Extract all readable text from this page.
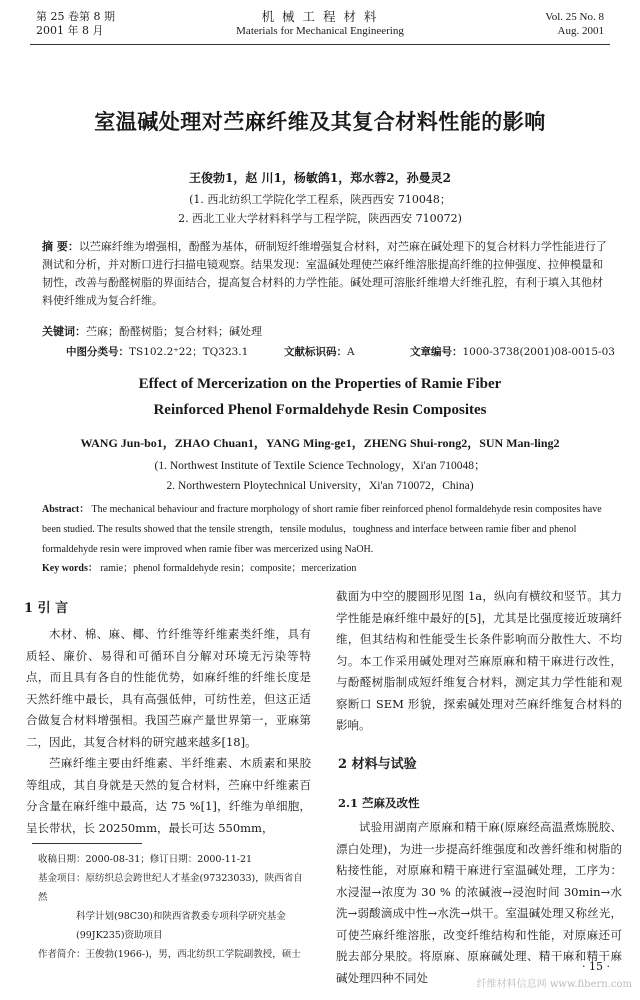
第 25 卷第 8 期
2001 年 8 月
机 械 工 程 材 料
Materials for Mechanical Engineering
Vol. 25 No. 8
Aug. 2001
室温碱处理对苎麻纤维及其复合材料性能的影响
王俊勃1，赵 川1，杨敏鸽1，郑水蓉2，孙曼灵2
(1. 西北纺织工学院化学工程系，陕西西安 710048；
2. 西北工业大学材料科学与工程学院，陕西西安 710072)
摘 要：以苎麻纤维为增强相，酚醛为基体，研制短纤维增强复合材料，对苎麻在碱处理下的复合材料力学性能进行了测试和分析，并对断口进行扫描电镜观察。结果发现：室温碱处理使苎麻纤维溶胀提高纤维的拉伸强度、拉伸模量和韧性，改善与酚醛树脂的界面结合，提高复合材料的力学性能。碱处理可溶胀纤维增大纤维孔腔，有利于填入其他材料使纤维成为复合纤维。
关键词：苎麻；酚醛树脂；复合材料；碱处理
中图分类号：TS102.2⁺22；TQ323.1	文献标识码：A	文章编号：1000-3738(2001)08-0015-03
Effect of Mercerization on the Properties of Ramie Fiber
Reinforced Phenol Formaldehyde Resin Composites
WANG Jun-bo1，ZHAO Chuan1，YANG Ming-ge1，ZHENG Shui-rong2，SUN Man-ling2
(1. Northwest Institute of Textile Science Technology，Xi'an 710048；
2. Northwestern Ploytechnical University，Xi'an 710072，China)
Abstract： The mechanical behaviour and fracture morphology of short ramie fiber reinforced phenol formaldehyde resin composites have been studied. The results showed that the tensile strength，tensile modulus，toughness and interface between ramie fiber and phenol formaldehyde resin were improved when ramie fiber was mercerized using NaOH.
Key words： ramie；phenol formaldehyde resin；composite；mercerization
1 引 言

木材、棉、麻、椰、竹纤维等纤维素类纤维，具有质轻、廉价、易得和可循环自分解对环境无污染等特点，而且具有各自的性能优势，如麻纤维的纤维长度是天然纤维中最长，具有高强低伸，可纺性差，但这正适合做复合材料增强相。我国苎麻产量世界第一，亚麻第二，因此，其复合材料的研究越来越多[18]。

苎麻纤维主要由纤维素、半纤维素、木质素和果胶等组成，其自身就是天然的复合材料，苎麻中纤维素百分含量在麻纤维中最高，达 75 %[1]，纤维为单细胞，呈长带状，长 20250mm，最长可达 550mm，

收稿日期：2000-08-31；修订日期：2000-11-21
基金项目：原纺织总会跨世纪人才基金(97323033)，陕西省自然
科学计划(98C30)和陕西省教委专项科学研究基金
(99JK235)资助项目
作者简介：王俊勃(1966-)，男，西北纺织工学院副教授，硕士

截面为中空的腰圆形见图 1a，纵向有横纹和竖节。其力学性能是麻纤维中最好的[5]，尤其是比强度接近玻璃纤维，但其结构和性能受生长条件影响而分散性大、不均匀。本工作采用碱处理对苎麻原麻和精干麻进行改性，与酚醛树脂制成短纤维复合材料，测定其力学性能和观察断口 SEM 形貌，探索碱处理对苎麻纤维复合材料的影响。

2 材料与试验
2.1 苎麻及改性

试验用湖南产原麻和精干麻(原麻经高温煮炼脱胶、漂白处理)，为进一步提高纤维强度和改善纤维和树脂的粘接性能，对原麻和精干麻进行室温碱处理，工序为：水浸湿→浓度为 30 % 的浓碱液→浸泡时间 30min→水洗→弱酸滴成中性→水洗→烘干。室温碱处理又称丝光，可使苎麻纤维溶胀，改变纤维结构和性能，对原麻还可脱去部分果胶。将原麻、原麻碱处理、精干麻和精干麻碱处理四种不同处

· 15 ·
纤维材料信息网 www.fibern.com
